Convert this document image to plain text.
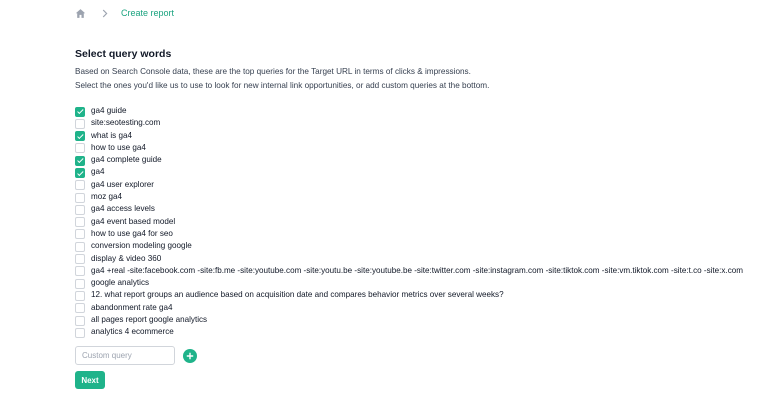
Create report
Select query words

Based on Search Console data, these are the top queries for the Target URL in terms of clicks & impressions.

Select the ones you'd like us to use to look for new internal link opportunities, or add custom queries at the bottom.

ga4 guide
site:seotesting.com
what is ga4
how to use ga4
ga4 complete guide
ga4
ga4 user explorer
moz ga4
ga4 access levels
ga4 event based model
how to use ga4 for seo
conversion modeling google
display & video 360
ga4 +real -site:facebook.com -site:fb.me -site:youtube.com -site:youtu.be -site:youtube.be -site:twitter.com -site:instagram.com -site:tiktok.com -site:vm.tiktok.com -site:t.co -site:x.com
google analytics
12. what report groups an audience based on acquisition date and compares behavior metrics over several weeks?
abandonment rate ga4
all pages report google analytics
analytics 4 ecommerce
Custom query
Next
